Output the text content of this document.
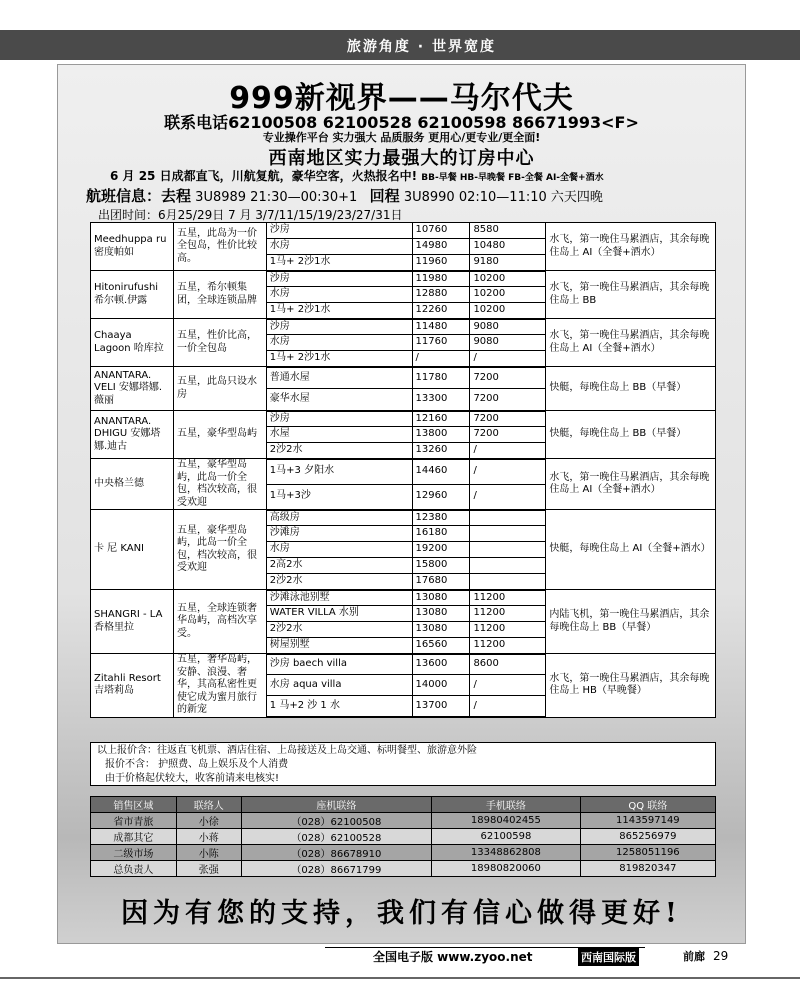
旅游角度 · 世界宽度
999新视界——马尔代夫
联系电话62100508 62100528 62100598 86671993<F>
专业操作平台 实力强大 品质服务 更用心/更专业/更全面!
西南地区实力最强大的订房中心
6 月 25 日成都直飞，川航复航，豪华空客，火热报名中! BB-早餐 HB-早晚餐 FB-全餐 AI-全餐+酒水
航班信息：去程 3U8989 21:30—00:30+1 回程 3U8990 02:10—11:10 六天四晚
出团时间：6月25/29日 7 月 3/7/11/15/19/23/27/31日
Meedhuppa ru 密度帕如	五星，此岛为一价全包岛，性价比较高。	沙房	10760	8580	水飞，第一晚住马累酒店，其余每晚住岛上 AI（全餐+酒水）
		水房	14980	10480	
		1马+ 2沙1水	11960	9180	
Hitonirufushi 希尔顿.伊露	五星，希尔顿集团，全球连锁品牌	沙房	11980	10200	水飞，第一晚住马累酒店，其余每晚住岛上 BB
		水房	12880	10200	
		1马+ 2沙1水	12260	10200	
Chaaya Lagoon 哈库拉	五星，性价比高，一价全包岛	沙房	11480	9080	水飞，第一晚住马累酒店，其余每晚住岛上 AI（全餐+酒水）
		水房	11760	9080	
		1马+ 2沙1水	/	/	
ANANTARA. VELI 安娜塔娜.薇丽	五星，此岛只设水房	普通水屋	11780	7200	快艇，每晚住岛上 BB（早餐）
		豪华水屋	13300	7200	
ANANTARA. DHIGU 安娜塔娜.迪古	五星，豪华型岛屿	沙房	12160	7200	快艇，每晚住岛上 BB（早餐）
		水屋	13800	7200	
		2沙2水	13260	/	
中央格兰德	五星，豪华型岛屿，此岛一价全包，档次较高，很受欢迎	1马+3 夕阳水	14460	/	水飞，第一晚住马累酒店，其余每晚住岛上 AI（全餐+酒水）
		1马+3沙	12960	/	
卡 尼 KANI	五星，豪华型岛屿，此岛一价全包，档次较高，很受欢迎	高级房	12380		快艇，每晚住岛上 AI（全餐+酒水）
		沙滩房	16180		
		水房	19200		
		2高2水	15800		
		2沙2水	17680		
SHANGRI - LA 香格里拉	五星，全球连锁奢华岛屿，高档次享受。	沙滩泳池别墅	13080	11200	内陆飞机，第一晚住马累酒店，其余每晚住岛上 BB（早餐）
		WATER VILLA 水别	13080	11200	
		2沙2水	13080	11200	
		树屋别墅	16560	11200	
Zitahli Resort 吉塔莉岛	五星，奢华岛屿，安静、浪漫、奢华，其高私密性更使它成为蜜月旅行的新宠	沙房 baech villa	13600	8600	水飞，第一晚住马累酒店，其余每晚住岛上 HB（早晚餐）
		水房 aqua villa	14000	/	
		1 马+2 沙 1 水	13700	/	
以上报价含：往返直飞机票、酒店住宿、上岛接送及上岛交通、标明餐型、旅游意外险
报价不含： 护照费、岛上娱乐及个人消费
由于价格起伏较大，收客前请来电核实!
销售区域	联络人	座机联络	手机联络	QQ 联络
省市青旅	小徐	（028）62100508	18980402455	1143597149
成都其它	小蒋	（028）62100528	62100598	865256979
二级市场	小陈	（028）86678910	13348862808	1258051196
总负责人	张强	（028）86671799	18980820060	819820347
因为有您的支持，我们有信心做得更好!
全国电子版 www.zyoo.net	西南国际版	前廊 29
